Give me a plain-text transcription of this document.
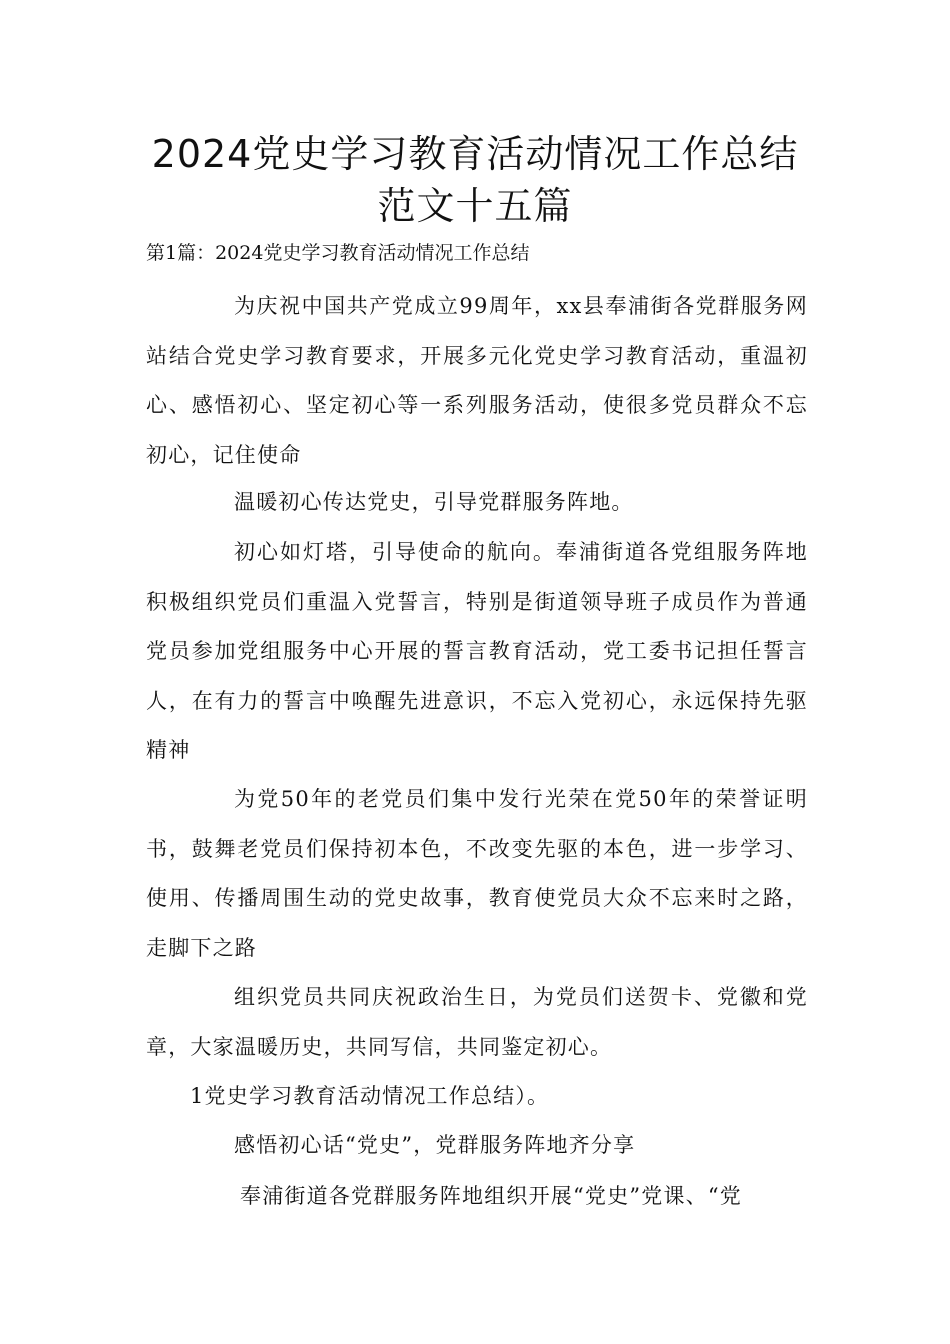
2024党史学习教育活动情况工作总结范文十五篇

第1篇：2024党史学习教育活动情况工作总结

为庆祝中国共产党成立99周年，xx县奉浦街各党群服务网站结合党史学习教育要求，开展多元化党史学习教育活动，重温初心、感悟初心、坚定初心等一系列服务活动，使很多党员群众不忘初心，记住使命

温暖初心传达党史，引导党群服务阵地。

初心如灯塔，引导使命的航向。奉浦街道各党组服务阵地积极组织党员们重温入党誓言，特别是街道领导班子成员作为普通党员参加党组服务中心开展的誓言教育活动，党工委书记担任誓言人，在有力的誓言中唤醒先进意识，不忘入党初心，永远保持先驱精神

为党50年的老党员们集中发行光荣在党50年的荣誉证明书，鼓舞老党员们保持初本色，不改变先驱的本色，进一步学习、使用、传播周围生动的党史故事，教育使党员大众不忘来时之路，走脚下之路

组织党员共同庆祝政治生日，为党员们送贺卡、党徽和党章，大家温暖历史，共同写信，共同鉴定初心。

1党史学习教育活动情况工作总结）。

感悟初心话“党史”，党群服务阵地齐分享

奉浦街道各党群服务阵地组织开展“党史”党课、“党
